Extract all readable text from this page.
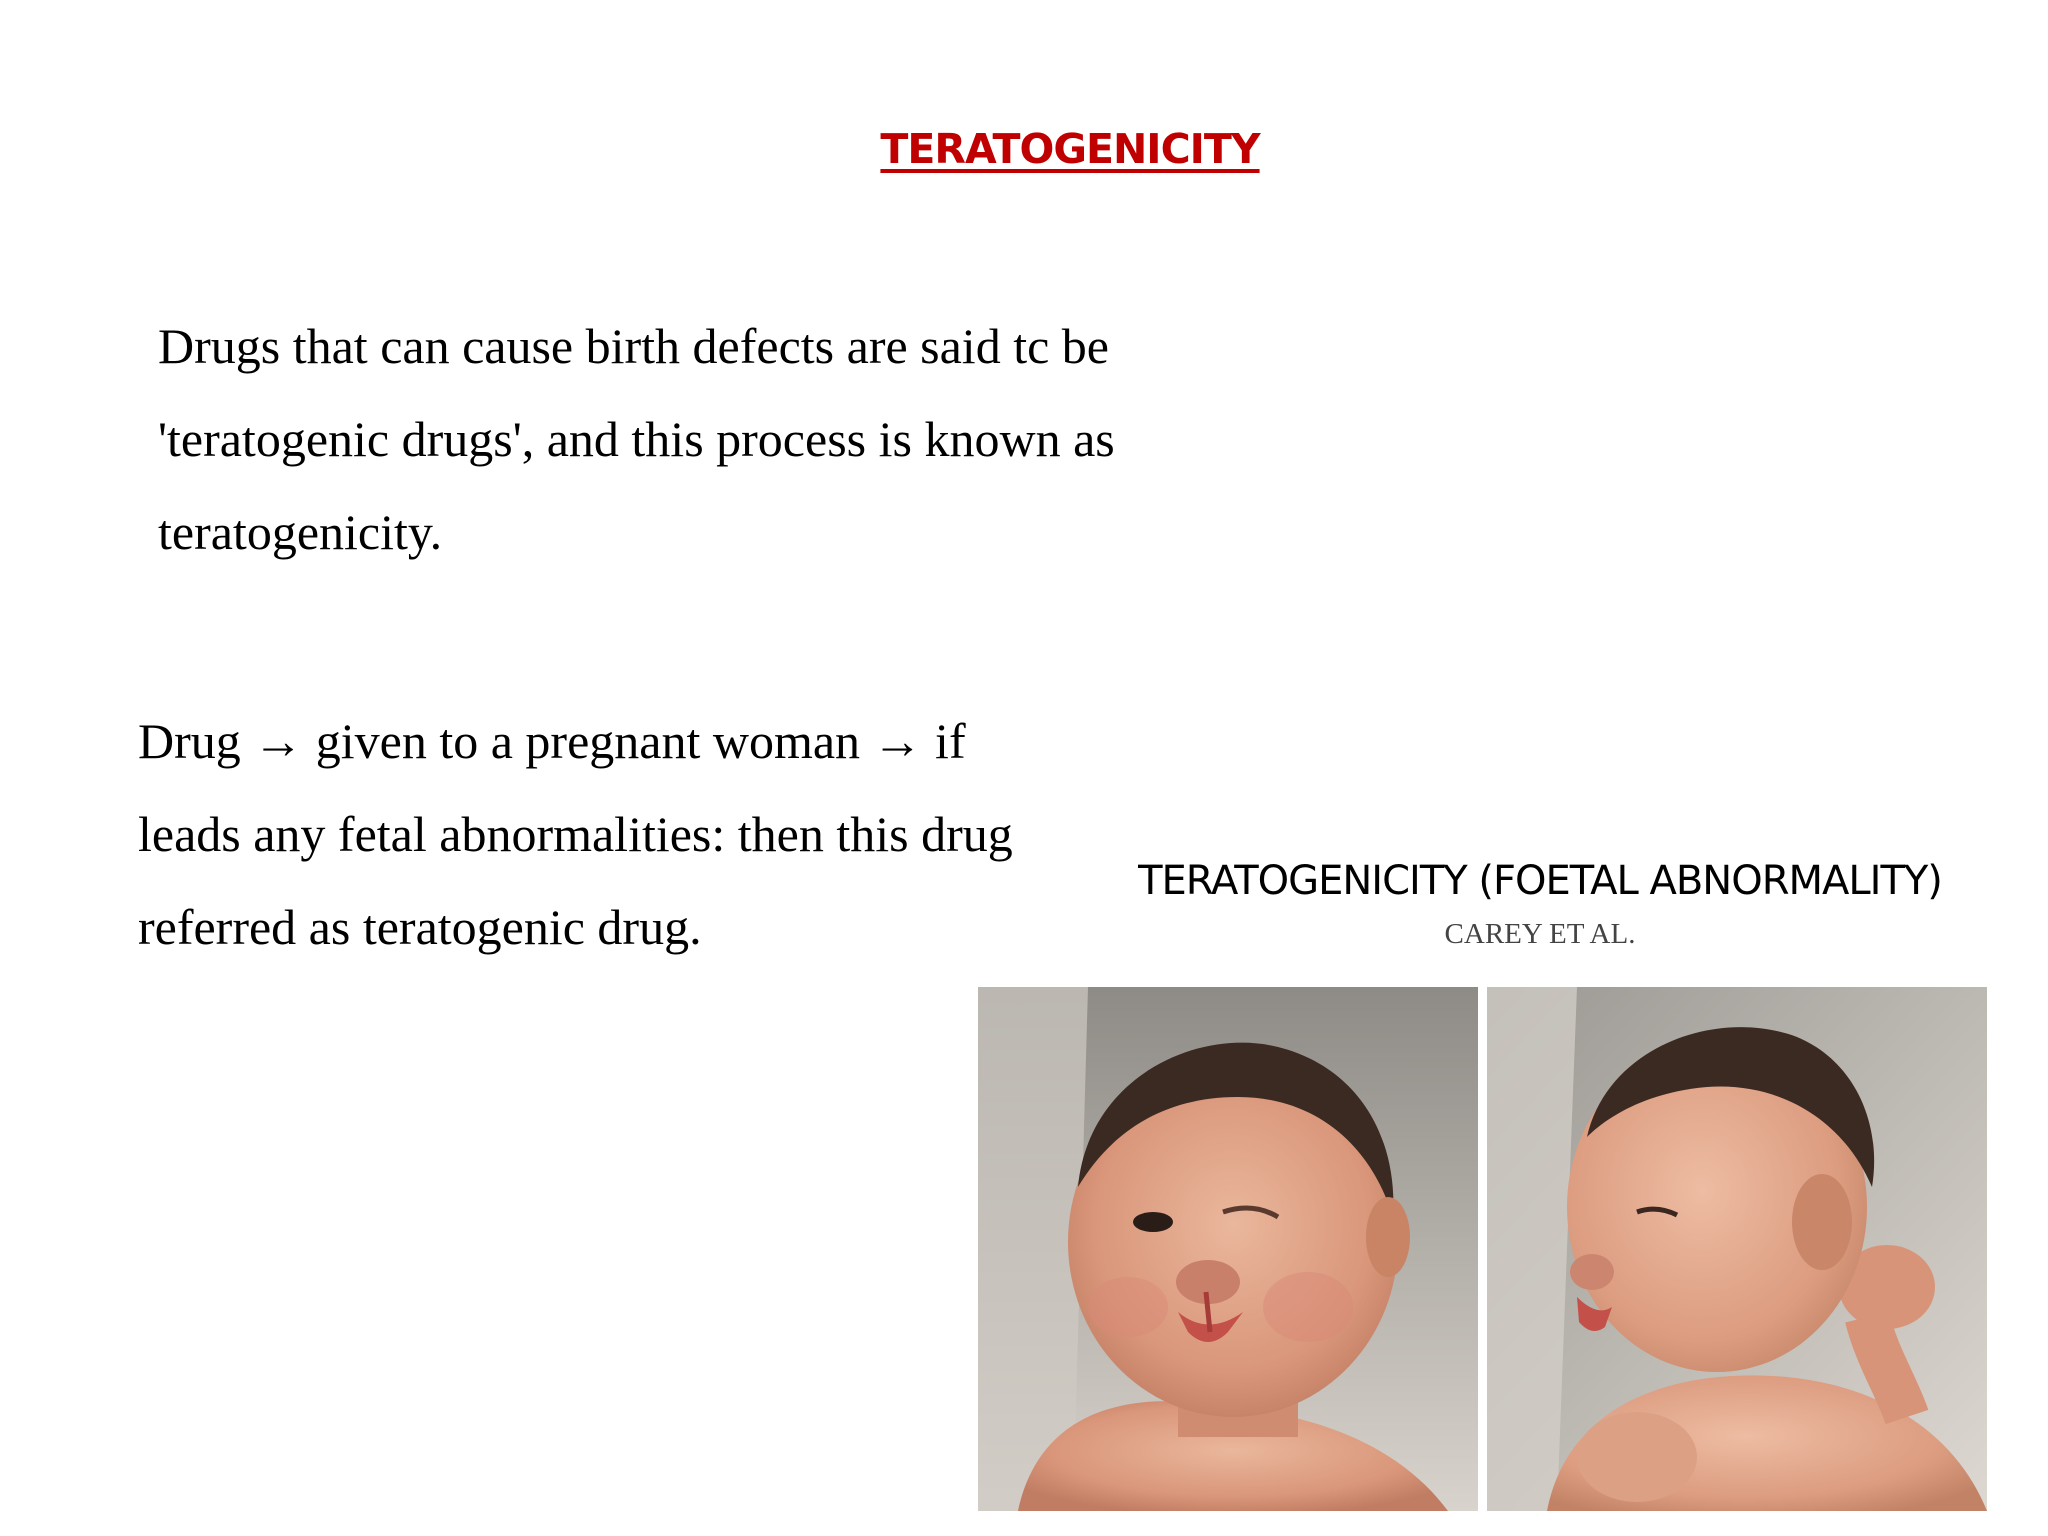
TERATOGENICITY
Drugs that can cause birth defects are said tc be 'teratogenic drugs', and this process is known as teratogenicity.
Drug → given to a pregnant woman → if leads any fetal abnormalities: then this drug referred as teratogenic drug.
TERATOGENICITY (FOETAL ABNORMALITY)
CAREY ET AL.
